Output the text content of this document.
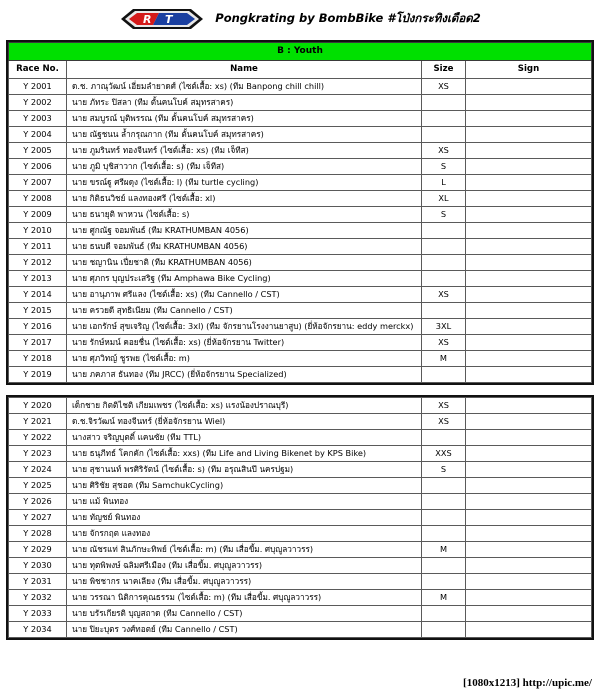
R T	Pongkrating by BombBike #โป่งกระทิงเดือด2
B : Youth			
Race No.	Name	Size	Sign
Y 2001	ด.ช. ภาณุวัฒน์ เอี่ยมลำยาดศ์ (ไซต์เสื้อ: xs) (ทีม Banpong chill chill)	XS	
Y 2002	นาย ภัทระ ปิสลา (ทีม ตั้นคนโบค์ สมุทรสาคร)		
Y 2003	นาย สมบูรณ์ บุติพรรณ (ทีม ตั้นคนโบค์ สมุทรสาคร)		
Y 2004	นาย ณัฐชนน ล้ำกรุณกาก (ทีม ตั้นคนโบค์ สมุทรสาคร)		
Y 2005	นาย ภูมรินทร์ ทองจีนทร์ (ไซต์เสื้อ: xs) (ทีม เจ็ทีส)	XS	
Y 2006	นาย ภูมิ บุชิสาวาก (ไซต์เสื้อ: s) (ทีม เจ็ทีส)	S	
Y 2007	นาย ขรณ์ฐู ศรีผดุง (ไซต์เสื้อ: l) (ทีม turtle cycling)	L	
Y 2008	นาย กิติธนวิชย์ แลงทองศรี (ไซต์เสื้อ: xl)	XL	
Y 2009	นาย ธนายุติ พาหวน (ไซต์เสื้อ: s)	S	
Y 2010	นาย ศูกณัฐ จอมพันธ์ (ทีม KRATHUMBAN 4056)		
Y 2011	นาย ธนบดี จอมพันธ์ (ทีม KRATHUMBAN 4056)		
Y 2012	นาย ชญานิน เปี่ยชาติ (ทีม KRATHUMBAN 4056)		
Y 2013	นาย ศุภกร บุญประเสริฐ (ทีม Amphawa Bike Cycling)		
Y 2014	นาย อานุภาพ ศรีแลง (ไซต์เสื้อ: xs) (ทีม Cannello / CST)	XS	
Y 2015	นาย ครวยดี สุทธิเนียม (ทีม Cannello / CST)		
Y 2016	นาย เอกรักษ์ สุขเจริญ (ไซต์เสื้อ: 3xl) (ทีม จักรยานโรงงานยาสูบ) (ยี่ห้อจักรยาน: eddy merckx)	3XL	
Y 2017	นาย รักษ์หมน์ คอยชื่น (ไซต์เสื้อ: xs) (ยี่ห้อจักรยาน Twitter)	XS	
Y 2018	นาย ศุภวิทญ์ ชูรพย (ไซต์เสื้อ: m)	M	
Y 2019	นาย ภคภาส ธันทอง (ทีม JRCC) (ยี่ห้อจักรยาน Specialized)		
Y 2020	เด็กชาย กิตติไชติ เกียมเพชร (ไซต์เสื้อ: xs) แรงน้องปราณบุรี)	XS	
Y 2021	ด.ช.จิรวัฒน์ ทองจีนทร์ (ยี่ห้อจักรยาน Wiel)	XS	
Y 2022	นางสาว จริญบุตติ์ แคนซัย (ทีม TTL)		
Y 2023	นาย ธนุภีทธ์ โคกคัก (ไซต์เสื้อ: xxs) (ทีม Life and Living Bikenet by KPS Bike)	XXS	
Y 2024	นาย สุชานนท์ พรศิริรัตน์ (ไซต์เสื้อ: s) (ทีม อรุณสินปี นครปฐม)	S	
Y 2025	นาย ศิริชัย สุชอด (ทีม SamchukCycling)		
Y 2026	นาย แม้ พินทอง		
Y 2027	นาย ทัญชย์ พินทอง		
Y 2028	นาย จักรกฤต แลงทอง		
Y 2029	นาย ณัชรแท่ สินภักษะทิพย์ (ไซต์เสื้อ: m) (ทีม เสื่อขี้ม. ศบุญูลวาวรร)	M	
Y 2030	นาย ทุตพิพงษ์ ฉลิมศรีเมือง (ทีม เสื่อขี้ม. ศบุญูลวาวรร)		
Y 2031	นาย พิชชากร นาคเลียง (ทีม เสื่อขี้ม. ศบุญูลวาวรร)		
Y 2032	นาย วรรณา นิติการคุณธรรม (ไซต์เสื้อ: m) (ทีม เสื่อขี้ม. ศบุญูลวาวรร)	M	
Y 2033	นาย บรัรเกียรติ บุญสถาด (ทีม Cannello / CST)		
Y 2034	นาย ปิยะบุตร วงศ์ทอตย์ (ทีม Cannello / CST)		
[1080x1213] http://upic.me/
